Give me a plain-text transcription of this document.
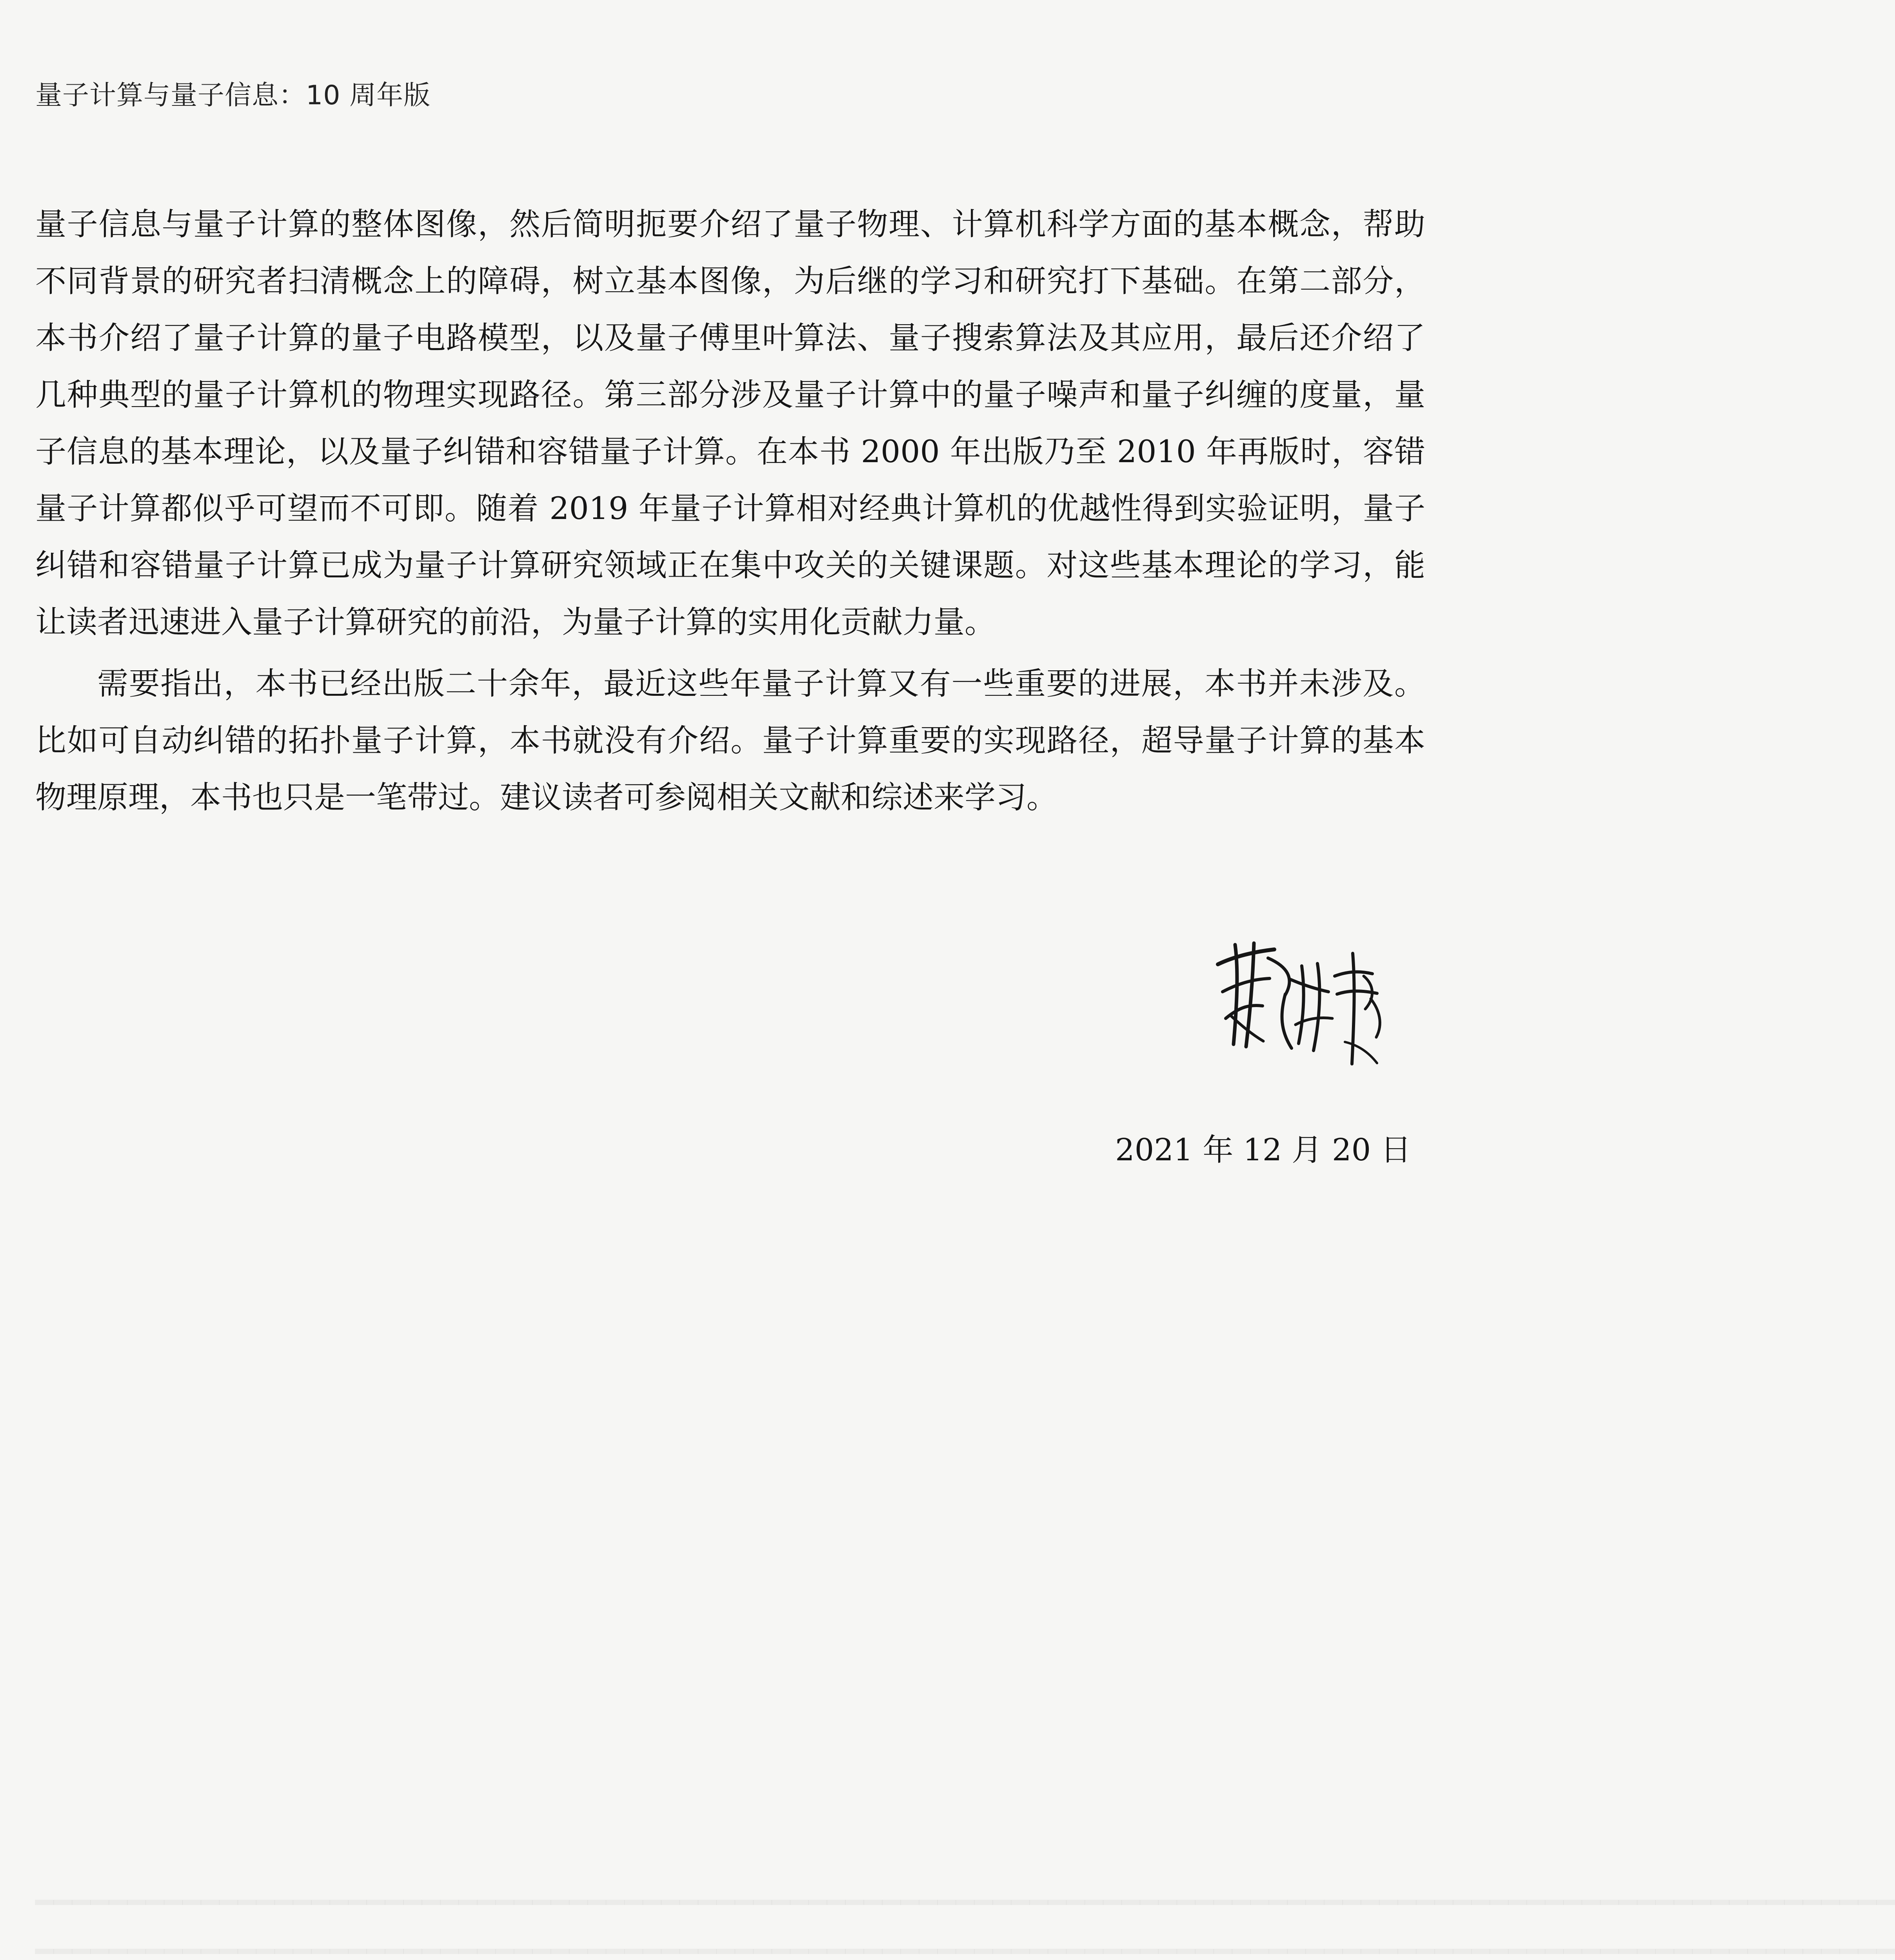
量子计算与量子信息：10 周年版

量子信息与量子计算的整体图像，然后简明扼要介绍了量子物理、计算机科学方面的基本概念，帮助不同背景的研究者扫清概念上的障碍，树立基本图像，为后继的学习和研究打下基础。在第二部分，本书介绍了量子计算的量子电路模型，以及量子傅里叶算法、量子搜索算法及其应用，最后还介绍了几种典型的量子计算机的物理实现路径。第三部分涉及量子计算中的量子噪声和量子纠缠的度量，量子信息的基本理论，以及量子纠错和容错量子计算。在本书 2000 年出版乃至 2010 年再版时，容错量子计算都似乎可望而不可即。随着 2019 年量子计算相对经典计算机的优越性得到实验证明，量子纠错和容错量子计算已成为量子计算研究领域正在集中攻关的关键课题。对这些基本理论的学习，能让读者迅速进入量子计算研究的前沿，为量子计算的实用化贡献力量。

需要指出，本书已经出版二十余年，最近这些年量子计算又有一些重要的进展，本书并未涉及。比如可自动纠错的拓扑量子计算，本书就没有介绍。量子计算重要的实现路径，超导量子计算的基本物理原理，本书也只是一笔带过。建议读者可参阅相关文献和综述来学习。

2021 年 12 月 20 日
━━━━━━━━━━━━━━━━━━━━━━━━━━━━━━━━━━━━━━━━━━━━━━━━━━━━━━━━━━━━━━━━━━━━━━━━━━━━━━━━━━━━━━━━━━━━━━━━━━━━━
━━━━━━━━━━━━━━━━━━━━━━━━━━━━━━━━━━━━━━━━━━━━━━━━━━━━━━━━━━━━━━━━━━━━━━━━━━━━━━━━━━━━━━━━━━━━━━━━━━━━━
